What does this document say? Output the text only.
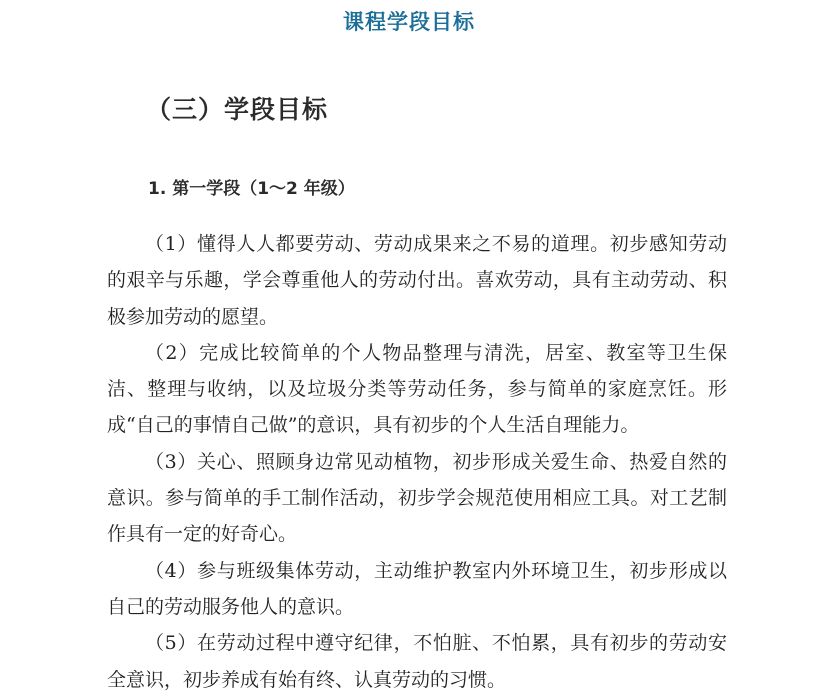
课程学段目标
（三）学段目标
1. 第一学段（1～2 年级）

（1）懂得人人都要劳动、劳动成果来之不易的道理。初步感知劳动的艰辛与乐趣，学会尊重他人的劳动付出。喜欢劳动，具有主动劳动、积极参加劳动的愿望。

（2）完成比较简单的个人物品整理与清洗，居室、教室等卫生保洁、整理与收纳，以及垃圾分类等劳动任务，参与简单的家庭烹饪。形成“自己的事情自己做”的意识，具有初步的个人生活自理能力。

（3）关心、照顾身边常见动植物，初步形成关爱生命、热爱自然的意识。参与简单的手工制作活动，初步学会规范使用相应工具。对工艺制作具有一定的好奇心。

（4）参与班级集体劳动，主动维护教室内外环境卫生，初步形成以自己的劳动服务他人的意识。

（5）在劳动过程中遵守纪律，不怕脏、不怕累，具有初步的劳动安全意识，初步养成有始有终、认真劳动的习惯。
